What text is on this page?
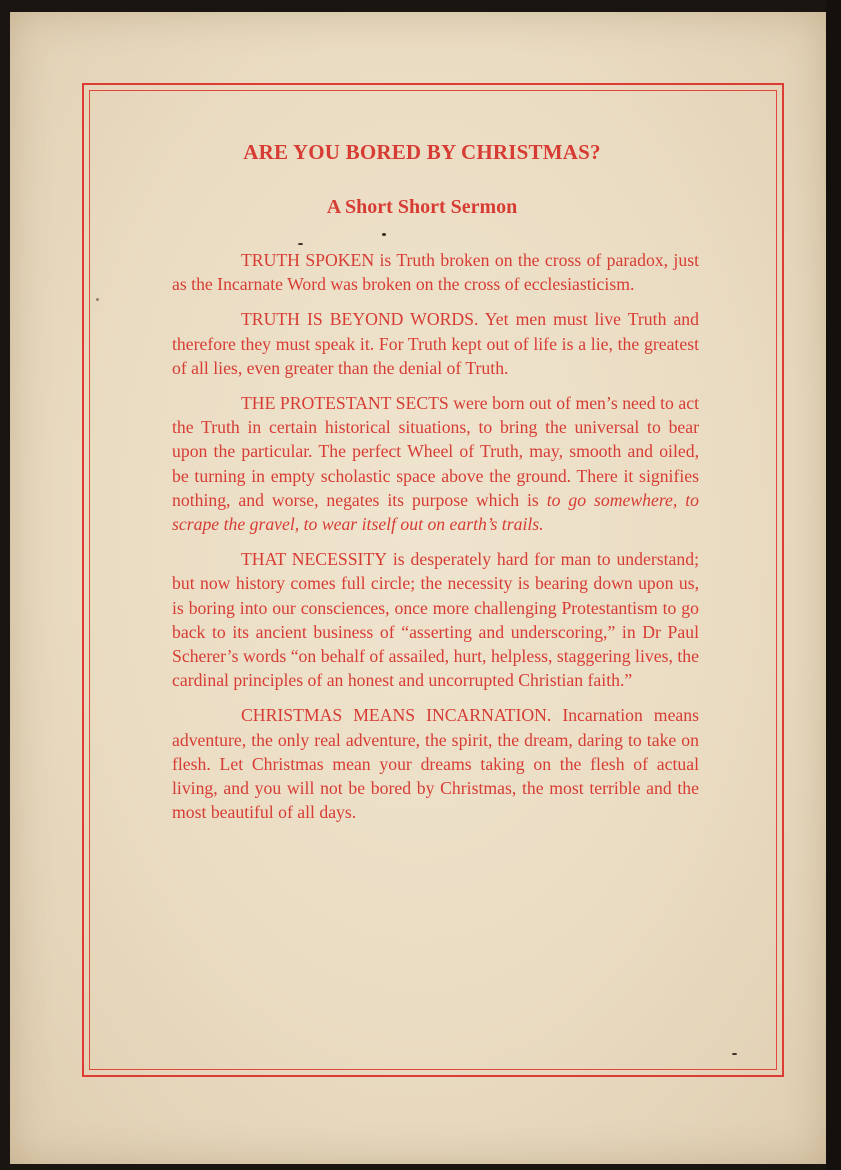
ARE YOU BORED BY CHRISTMAS?
A Short Short Sermon

TRUTH SPOKEN is Truth broken on the cross of paradox, just as the Incarnate Word was broken on the cross of ecclesiasticism.

TRUTH IS BEYOND WORDS. Yet men must live Truth and therefore they must speak it. For Truth kept out of life is a lie, the greatest of all lies, even greater than the denial of Truth.

THE PROTESTANT SECTS were born out of men’s need to act the Truth in certain historical situations, to bring the universal to bear upon the particular. The perfect Wheel of Truth, may, smooth and oiled, be turning in empty scholastic space above the ground. There it signifies nothing, and worse, negates its purpose which is to go somewhere, to scrape the gravel, to wear itself out on earth’s trails.

THAT NECESSITY is desperately hard for man to understand; but now history comes full circle; the necessity is bearing down upon us, is boring into our consciences, once more challenging Protestantism to go back to its ancient business of “asserting and underscoring,” in Dr Paul Scherer’s words “on behalf of assailed, hurt, helpless, staggering lives, the cardinal principles of an honest and uncorrupted Christian faith.”

CHRISTMAS MEANS INCARNATION. Incarnation means adventure, the only real adventure, the spirit, the dream, daring to take on flesh. Let Christmas mean your dreams taking on the flesh of actual living, and you will not be bored by Christmas, the most terrible and the most beautiful of all days.
